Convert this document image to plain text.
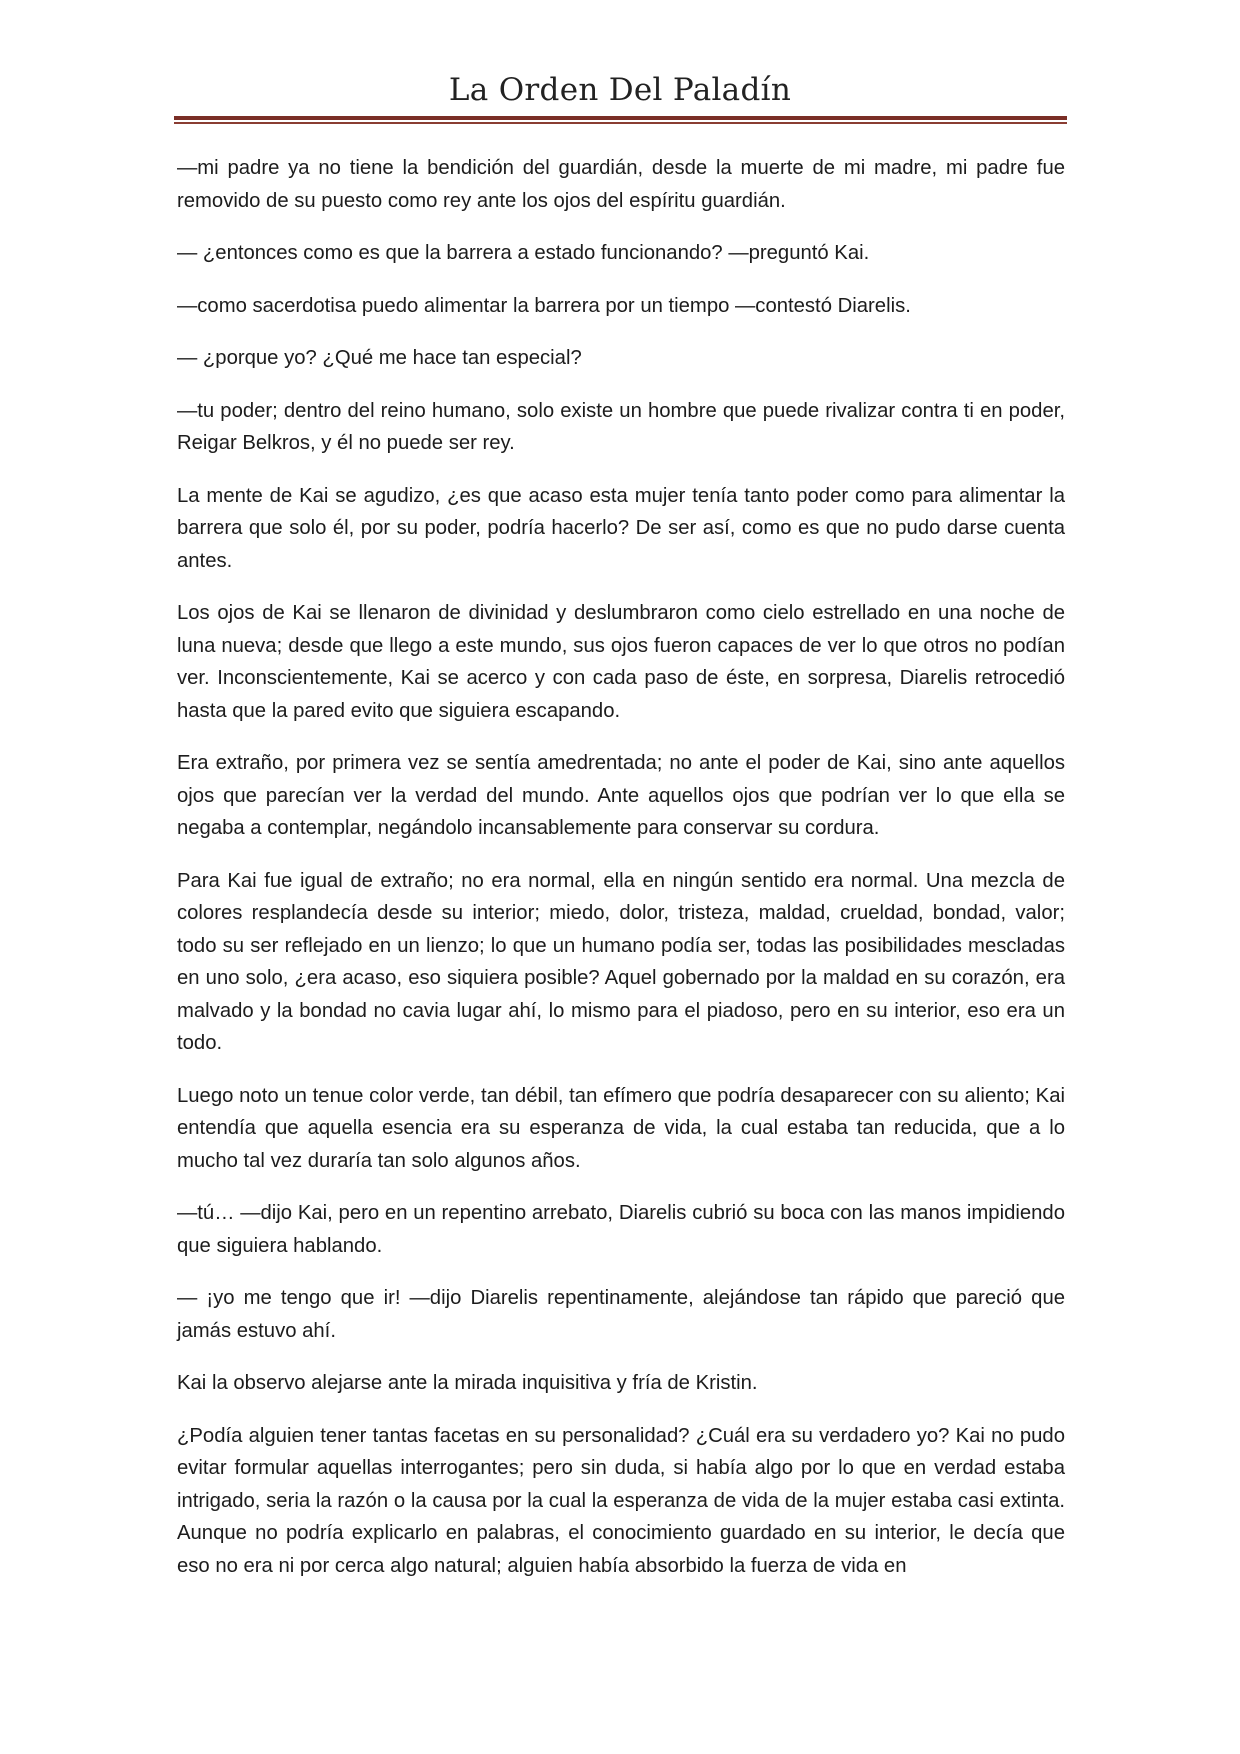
La Orden Del Paladín

—mi padre ya no tiene la bendición del guardián, desde la muerte de mi madre, mi padre fue removido de su puesto como rey ante los ojos del espíritu guardián.

— ¿entonces como es que la barrera a estado funcionando? —preguntó Kai.

—como sacerdotisa puedo alimentar la barrera por un tiempo —contestó Diarelis.

— ¿porque yo? ¿Qué me hace tan especial?

—tu poder; dentro del reino humano, solo existe un hombre que puede rivalizar contra ti en poder, Reigar Belkros, y él no puede ser rey.

La mente de Kai se agudizo, ¿es que acaso esta mujer tenía tanto poder como para alimentar la barrera que solo él, por su poder, podría hacerlo? De ser así, como es que no pudo darse cuenta antes.

Los ojos de Kai se llenaron de divinidad y deslumbraron como cielo estrellado en una noche de luna nueva; desde que llego a este mundo, sus ojos fueron capaces de ver lo que otros no podían ver. Inconscientemente, Kai se acerco y con cada paso de éste, en sorpresa, Diarelis retrocedió hasta que la pared evito que siguiera escapando.

Era extraño, por primera vez se sentía amedrentada; no ante el poder de Kai, sino ante aquellos ojos que parecían ver la verdad del mundo. Ante aquellos ojos que podrían ver lo que ella se negaba a contemplar, negándolo incansablemente para conservar su cordura.

Para Kai fue igual de extraño; no era normal, ella en ningún sentido era normal. Una mezcla de colores resplandecía desde su interior; miedo, dolor, tristeza, maldad, crueldad, bondad, valor; todo su ser reflejado en un lienzo; lo que un humano podía ser, todas las posibilidades mescladas en uno solo, ¿era acaso, eso siquiera posible? Aquel gobernado por la maldad en su corazón, era malvado y la bondad no cavia lugar ahí, lo mismo para el piadoso, pero en su interior, eso era un todo.

Luego noto un tenue color verde, tan débil, tan efímero que podría desaparecer con su aliento; Kai entendía que aquella esencia era su esperanza de vida, la cual estaba tan reducida, que a lo mucho tal vez duraría tan solo algunos años.

—tú… —dijo Kai, pero en un repentino arrebato, Diarelis cubrió su boca con las manos impidiendo que siguiera hablando.

— ¡yo me tengo que ir! —dijo Diarelis repentinamente, alejándose tan rápido que pareció que jamás estuvo ahí.

Kai la observo alejarse ante la mirada inquisitiva y fría de Kristin.

¿Podía alguien tener tantas facetas en su personalidad? ¿Cuál era su verdadero yo? Kai no pudo evitar formular aquellas interrogantes; pero sin duda, si había algo por lo que en verdad estaba intrigado, seria la razón o la causa por la cual la esperanza de vida de la mujer estaba casi extinta. Aunque no podría explicarlo en palabras, el conocimiento guardado en su interior, le decía que eso no era ni por cerca algo natural; alguien había absorbido la fuerza de vida en
